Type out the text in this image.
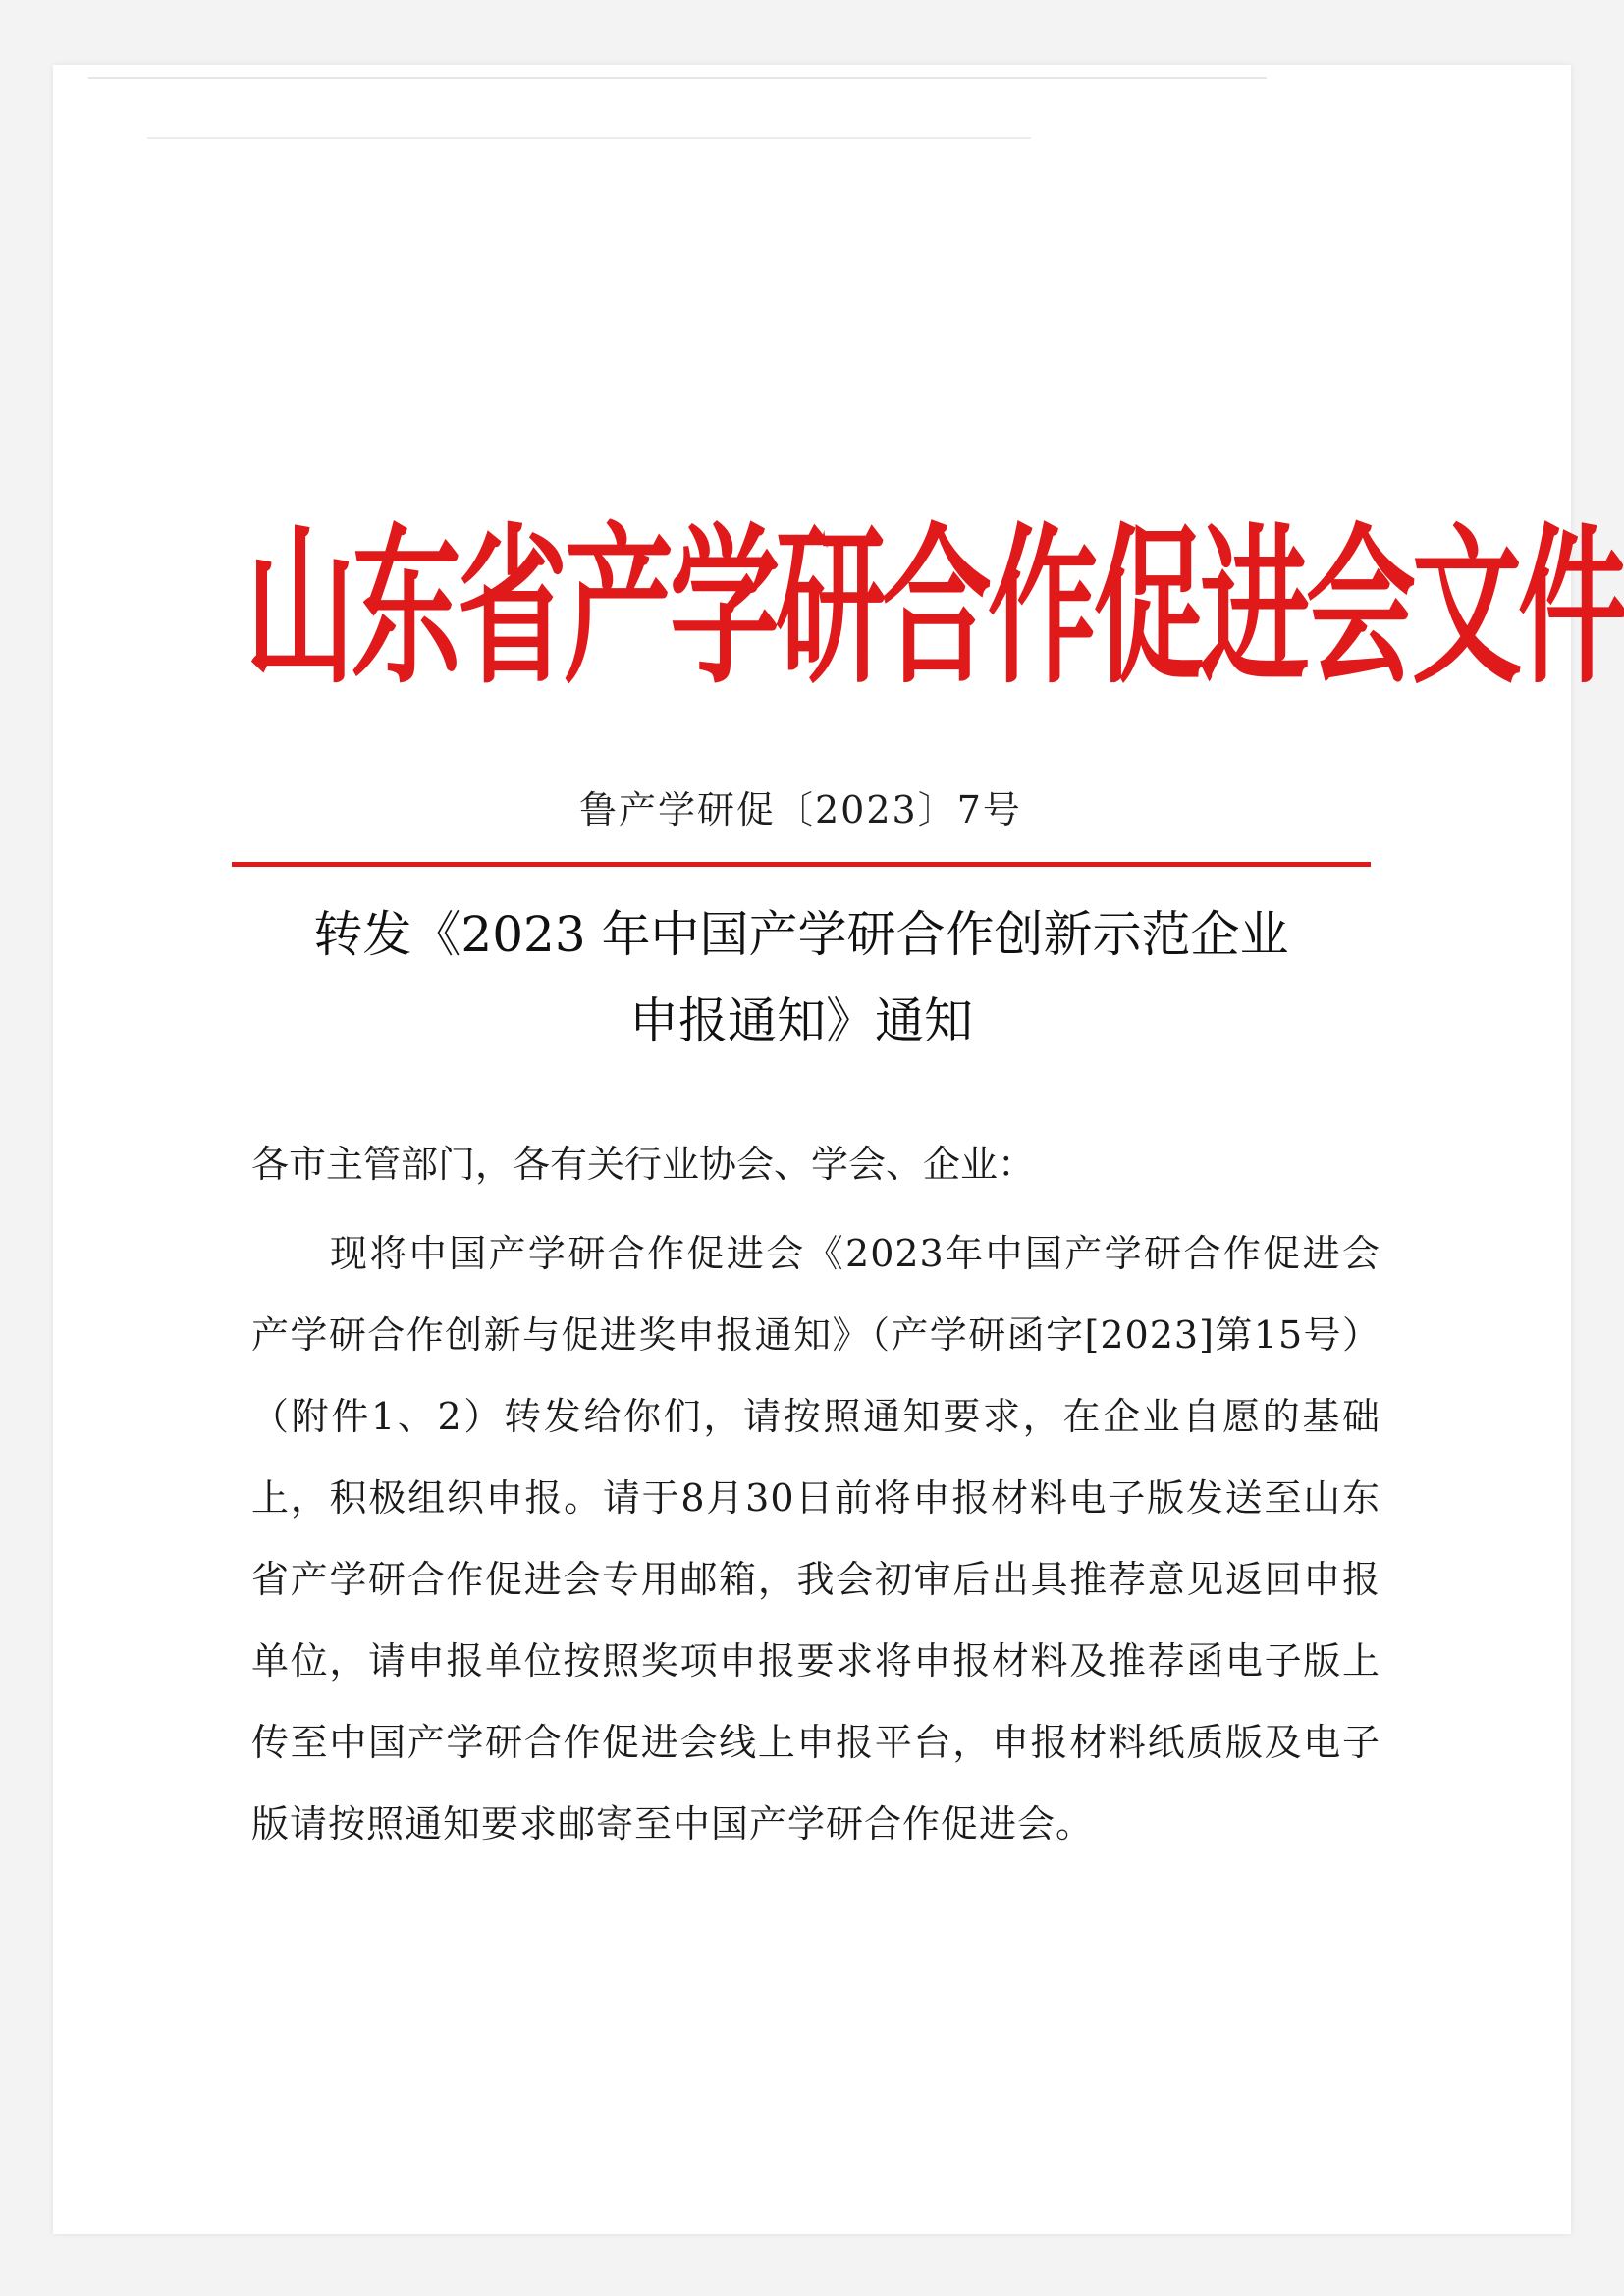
山东省产学研合作促进会文件
鲁产学研促〔2023〕7号
转发《2023 年中国产学研合作创新示范企业
申报通知》通知
各市主管部门，各有关行业协会、学会、企业：

现将中国产学研合作促进会《2023年中国产学研合作促进会产学研合作创新与促进奖申报通知》（产学研函字[2023]第15号）（附件1、2）转发给你们，请按照通知要求，在企业自愿的基础上，积极组织申报。请于8月30日前将申报材料电子版发送至山东省产学研合作促进会专用邮箱，我会初审后出具推荐意见返回申报单位，请申报单位按照奖项申报要求将申报材料及推荐函电子版上传至中国产学研合作促进会线上申报平台，申报材料纸质版及电子版请按照通知要求邮寄至中国产学研合作促进会。
